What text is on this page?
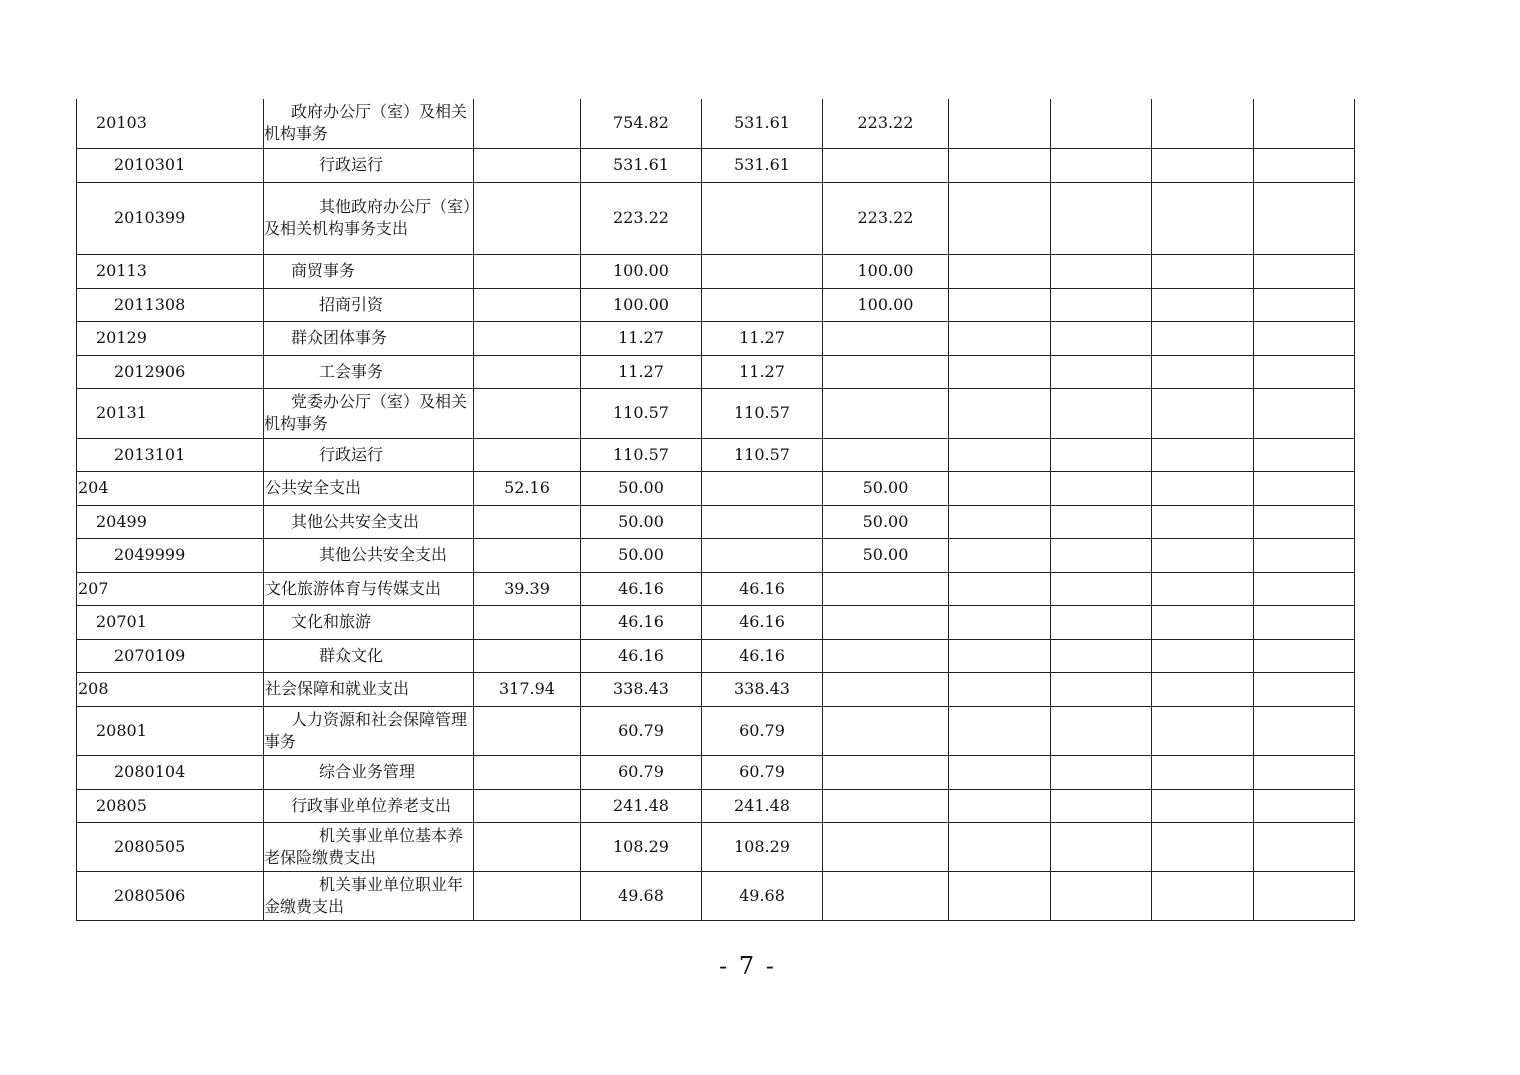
20103	政府办公厅（室）及相关机构事务		754.82	531.61	223.22				
2010301	行政运行		531.61	531.61					
2010399	其他政府办公厅（室）及相关机构事务支出		223.22		223.22				
20113	商贸事务		100.00		100.00				
2011308	招商引资		100.00		100.00				
20129	群众团体事务		11.27	11.27					
2012906	工会事务		11.27	11.27					
20131	党委办公厅（室）及相关机构事务		110.57	110.57					
2013101	行政运行		110.57	110.57					
204	公共安全支出	52.16	50.00		50.00				
20499	其他公共安全支出		50.00		50.00				
2049999	其他公共安全支出		50.00		50.00				
207	文化旅游体育与传媒支出	39.39	46.16	46.16					
20701	文化和旅游		46.16	46.16					
2070109	群众文化		46.16	46.16					
208	社会保障和就业支出	317.94	338.43	338.43					
20801	人力资源和社会保障管理事务		60.79	60.79					
2080104	综合业务管理		60.79	60.79					
20805	行政事业单位养老支出		241.48	241.48					
2080505	机关事业单位基本养老保险缴费支出		108.29	108.29					
2080506	机关事业单位职业年金缴费支出		49.68	49.68					
- 7 -
